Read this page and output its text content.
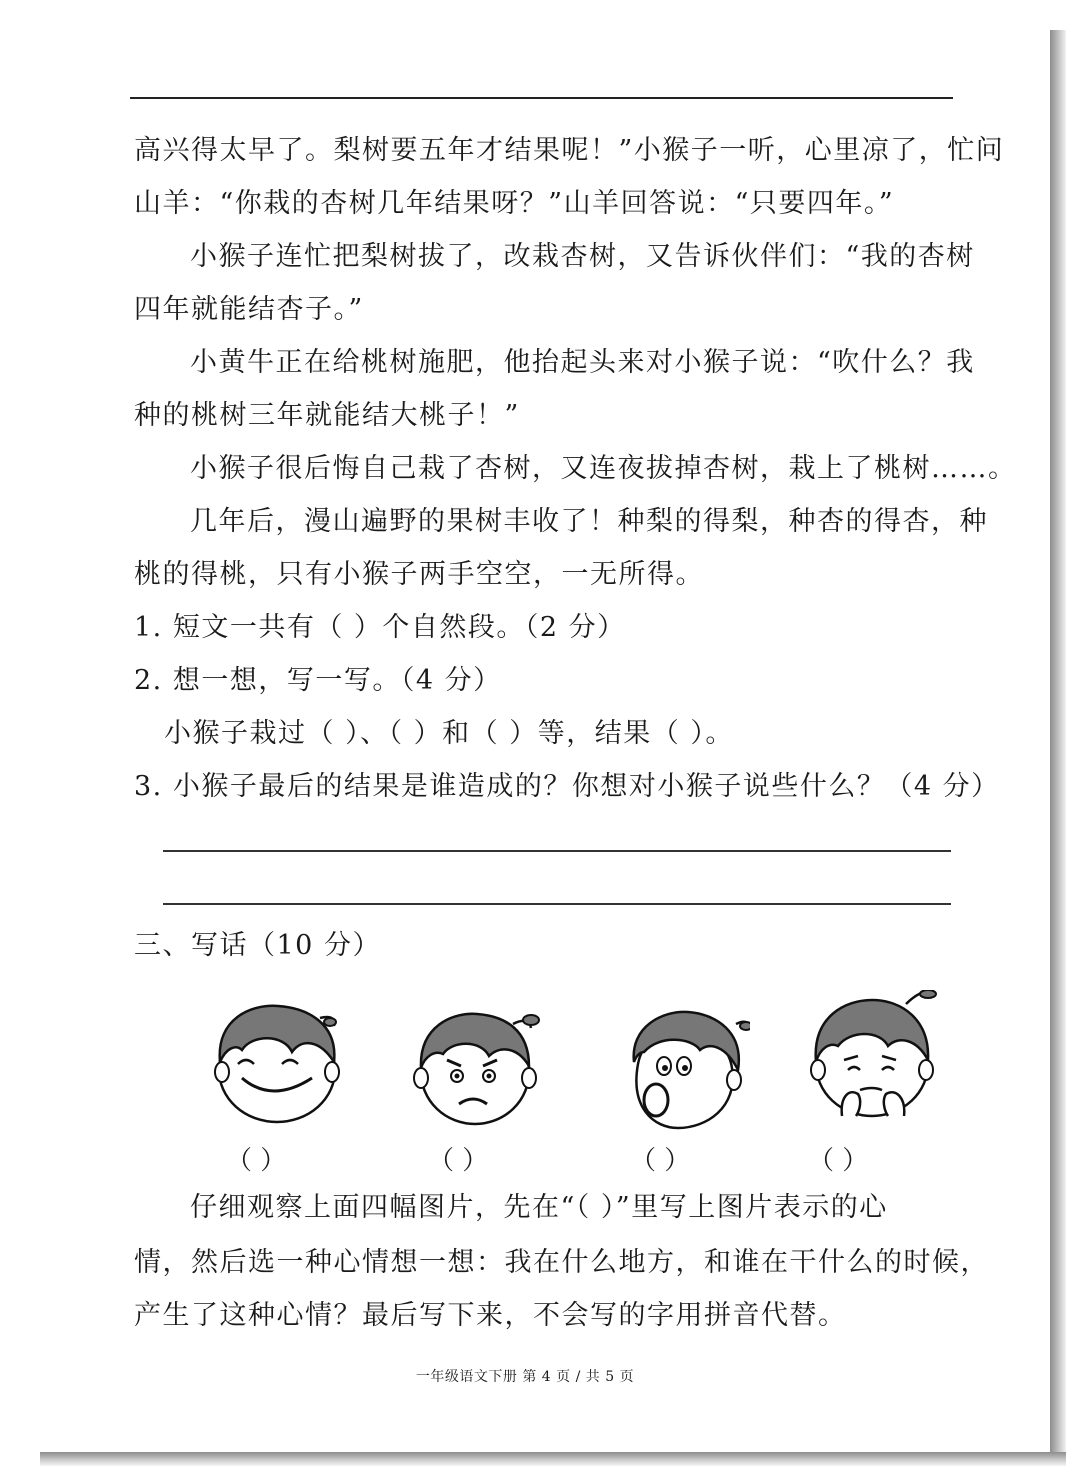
高兴得太早了。梨树要五年才结果呢！”小猴子一听，心里凉了，忙问
山羊：“你栽的杏树几年结果呀？”山羊回答说：“只要四年。”
小猴子连忙把梨树拔了，改栽杏树，又告诉伙伴们：“我的杏树
四年就能结杏子。”
小黄牛正在给桃树施肥，他抬起头来对小猴子说：“吹什么？我
种的桃树三年就能结大桃子！”
小猴子很后悔自己栽了杏树，又连夜拔掉杏树，栽上了桃树……。
几年后，漫山遍野的果树丰收了！种梨的得梨，种杏的得杏，种
桃的得桃，只有小猴子两手空空，一无所得。
1. 短文一共有（ ）个自然段。（2 分）
2. 想一想，写一写。（4 分）
小猴子栽过（ ）、（ ）和（ ）等，结果（ ）。
3. 小猴子最后的结果是谁造成的？你想对小猴子说些什么？（4 分）
三、写话（10 分）
（ ）	（ ）	（ ）	（ ）
仔细观察上面四幅图片，先在“（ ）”里写上图片表示的心
情，然后选一种心情想一想：我在什么地方，和谁在干什么的时候，
产生了这种心情？最后写下来，不会写的字用拼音代替。
一年级语文下册 第 4 页 / 共 5 页
